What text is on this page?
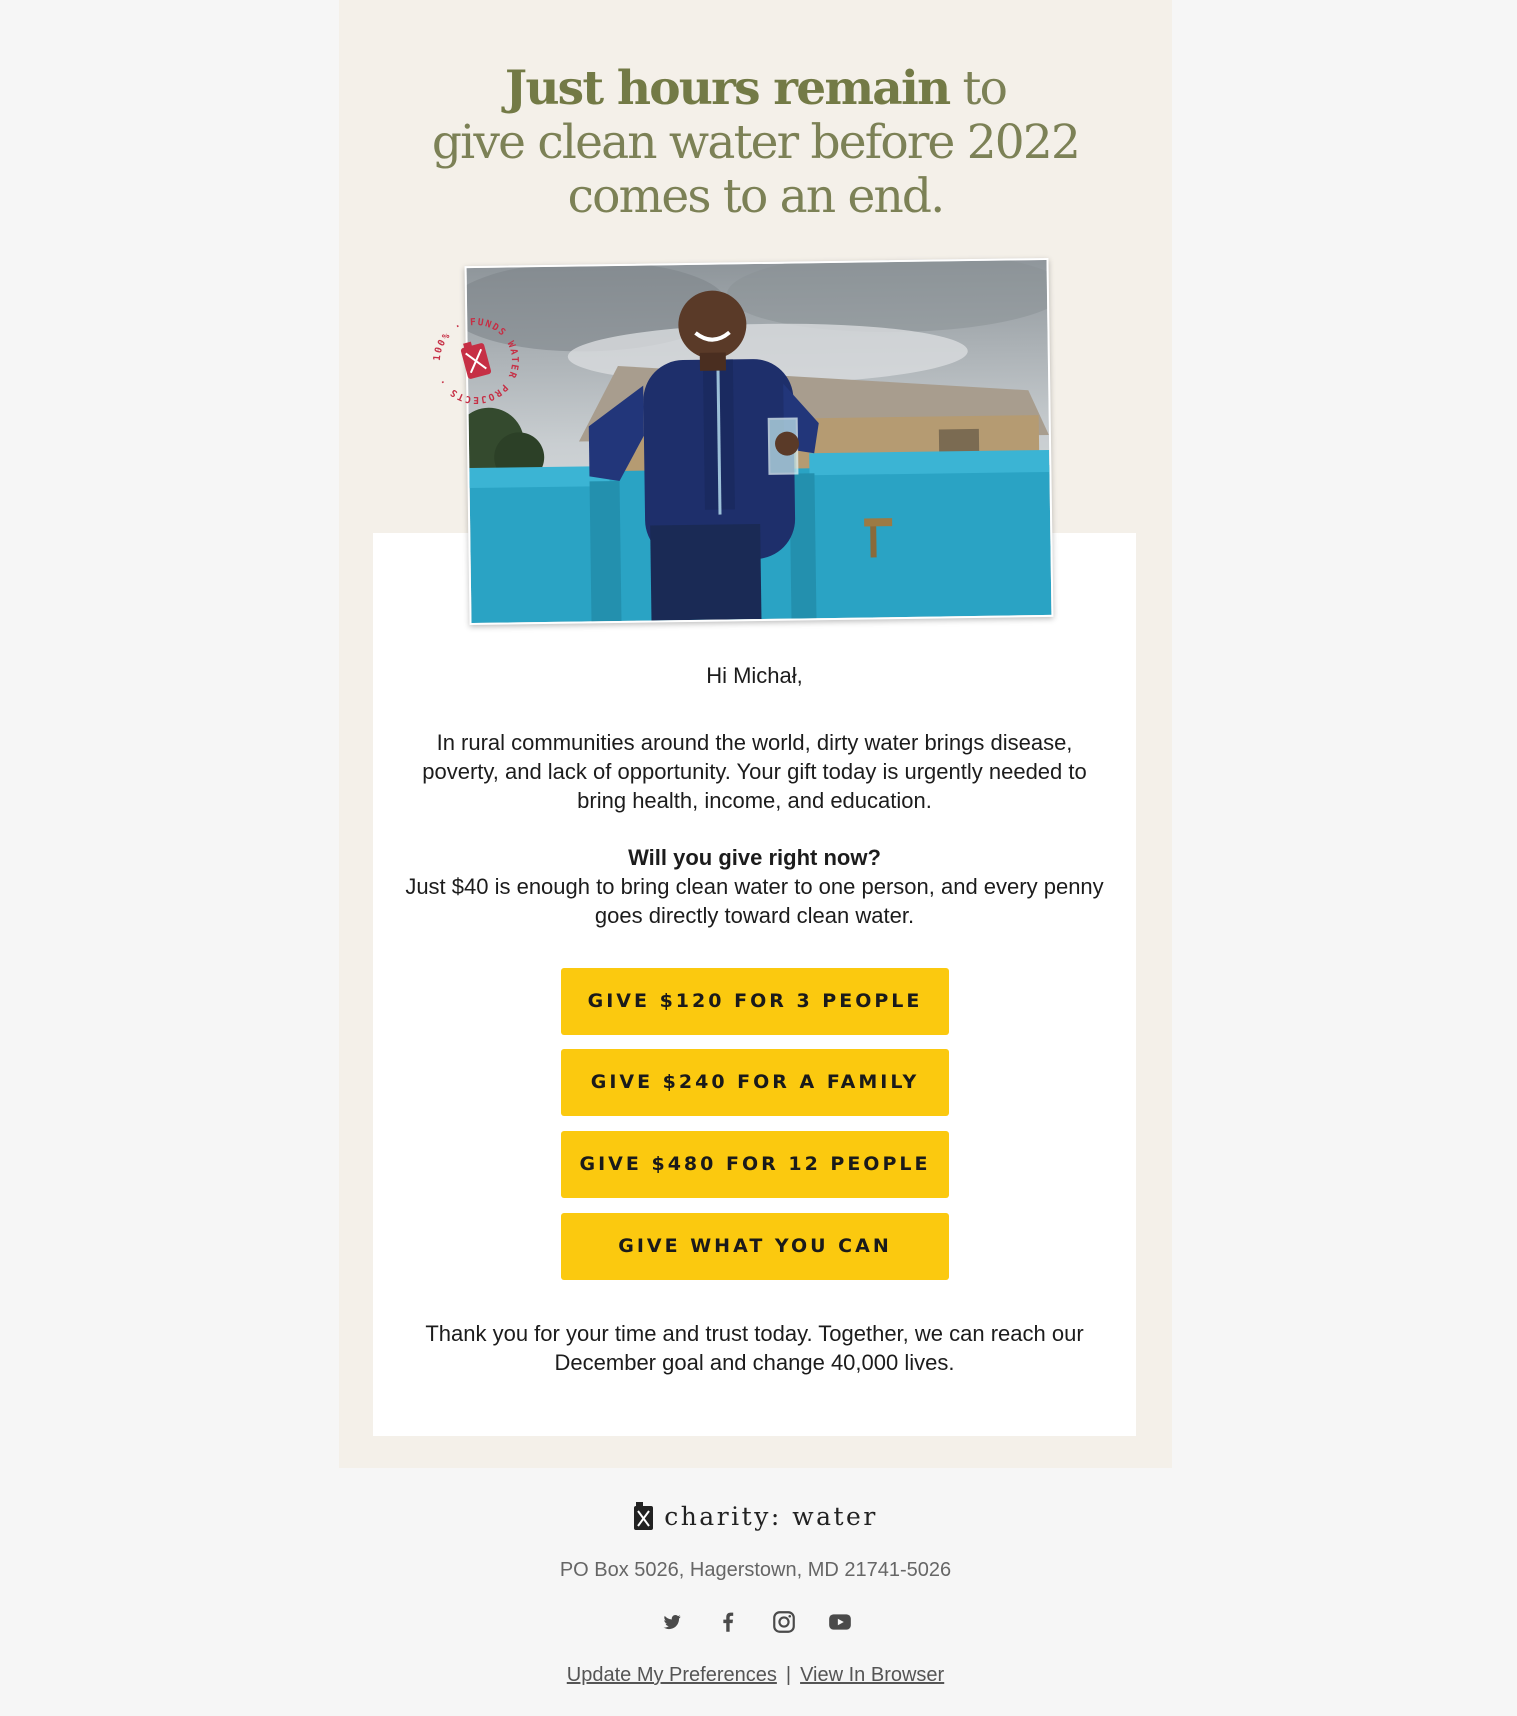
Just hours remain to
give clean water before 2022
comes to an end.
Hi Michał,
In rural communities around the world, dirty water brings disease, poverty, and lack of opportunity. Your gift today is urgently needed to bring health, income, and education.
Will you give right now?
Just $40 is enough to bring clean water to one person, and every penny goes directly toward clean water.
GIVE $120 FOR 3 PEOPLE
GIVE $240 FOR A FAMILY
GIVE $480 FOR 12 PEOPLE
GIVE WHAT YOU CAN
Thank you for your time and trust today. Together, we can reach our December goal and change 40,000 lives.
100% · FUNDS WATER PROJECTS ·
charity: water
PO Box 5026, Hagerstown, MD 21741-5026
Update My Preferences | View In Browser
